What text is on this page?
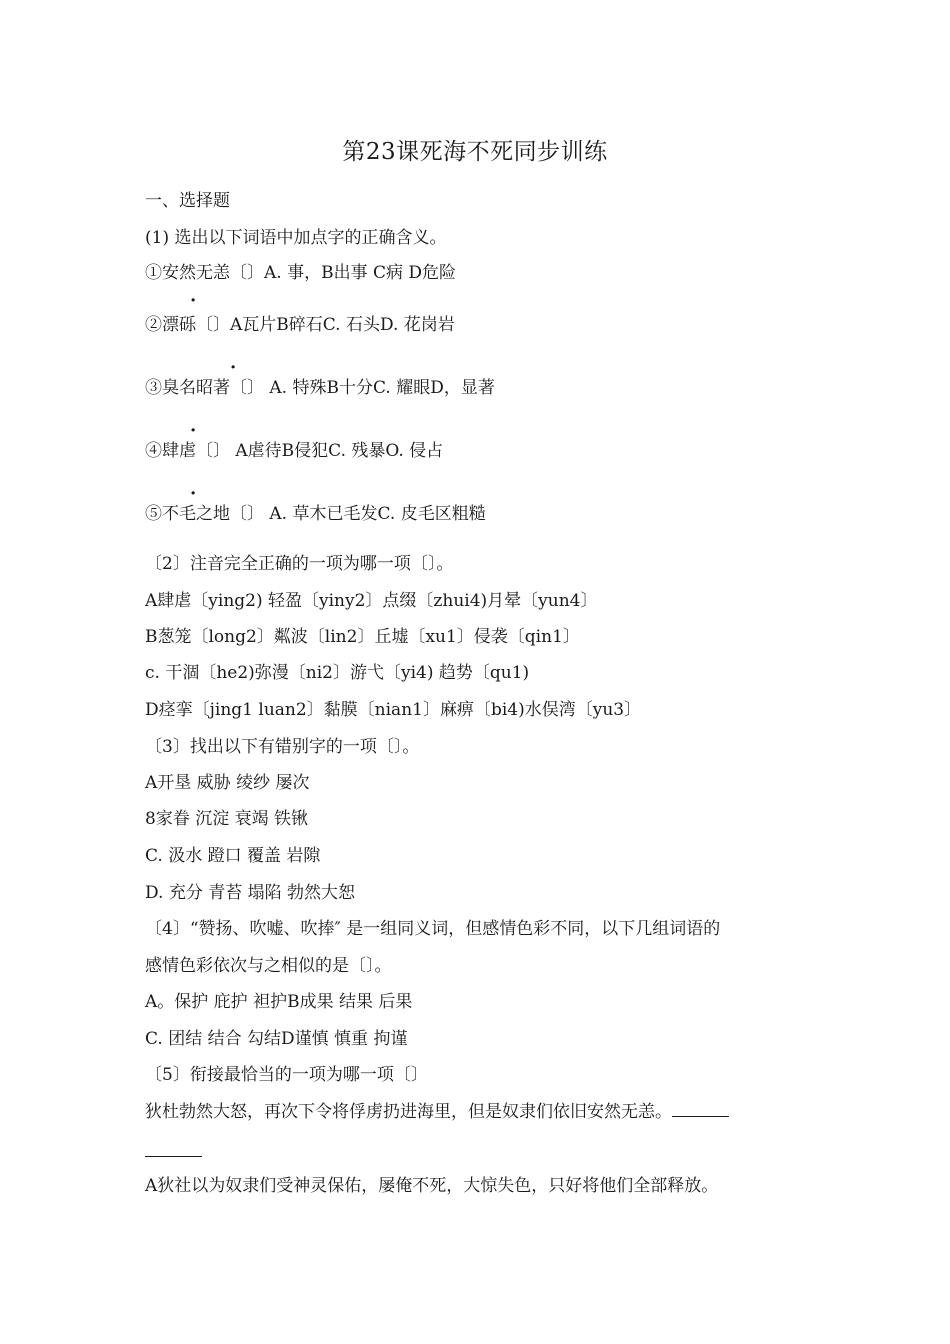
第23课死海不死同步训练
一、选择题
(1) 选出以下词语中加点字的正确含义。
①安然无恙〔〕A. 事，B出事 C病 D危险
·
②漂砾〔〕A瓦片B碎石C. 石头D. 花岗岩
·
③臭名昭著〔〕 A. 特殊B十分C. 耀眼D，显著
·
④肆虐〔〕 A虐待B侵犯C. 残暴O. 侵占
·
⑤不毛之地〔〕 A. 草木已毛发C. 皮毛区粗糙
〔2〕注音完全正确的一项为哪一项〔〕。
A肆虐〔ying2) 轻盈〔yiny2〕点缀〔zhui4)月晕〔yun4〕
B葱笼〔long2〕粼波〔lin2〕丘墟〔xu1〕侵袭〔qin1〕
c. 干涸〔he2)弥漫〔ni2〕游弋〔yi4) 趋势〔qu1)
D痉挛〔jing1 luan2〕黏膜〔nian1〕麻痹〔bi4)水俣湾〔yu3〕
〔3〕找出以下有错别字的一项〔〕。
A开垦 威胁 绫纱 屡次
8家眷 沉淀 衰竭 铁锹
C. 汲水 蹬口 覆盖 岩隙
D. 充分 青苔 塌陷 勃然大恕
〔4〕“赞扬、吹嘘、吹捧″ 是一组同义词，但感情色彩不同，以下几组词语的
感情色彩依次与之相似的是〔〕。
A。保护 庇护 袒护B成果 结果 后果
C. 团结 结合 勾结D谨慎 慎重 拘谨
〔5〕衔接最恰当的一项为哪一项〔〕
狄杜勃然大怒，再次下令将俘虏扔进海里，但是奴隶们依旧安然无恙。
A狄社以为奴隶们受神灵保佑，屡俺不死，大惊失色，只好将他们全部释放。
